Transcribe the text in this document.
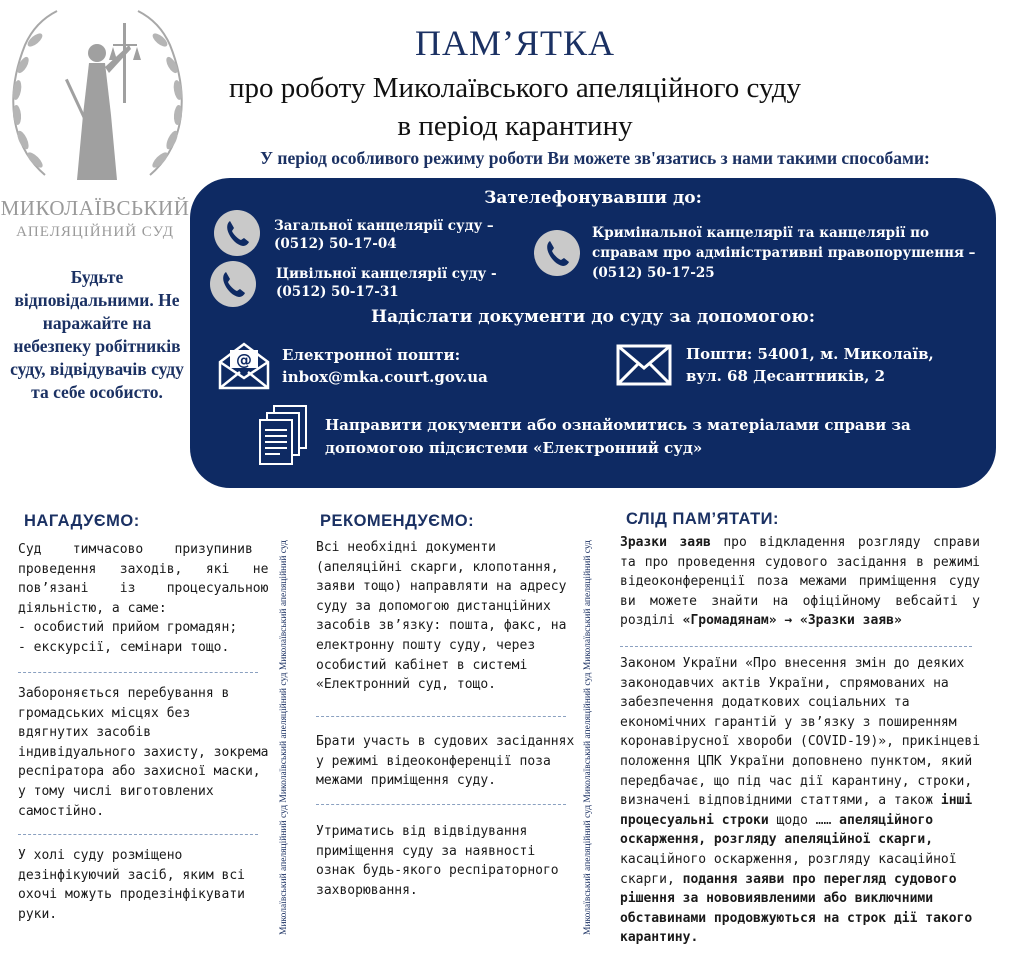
ПАМ’ЯТКА
про роботу Миколаївського апеляційного суду
в період карантину
У період особливого режиму роботи Ви можете зв'язатись з нами такими способами:
МИКОЛАЇВСЬКИЙ
АПЕЛЯЦІЙНИЙ СУД
Будьте відповідальними. Не наражайте на небезпеку робітників суду, відвідувачів суду та себе особисто.
Зателефонувавши до:
Загальної канцелярії суду –
(0512) 50-17-04
Цивільної канцелярії суду -
(0512) 50-17-31
Кримінальної канцелярії та канцелярії по
справам про адміністративні правопорушення –
(0512) 50-17-25
Надіслати документи до суду за допомогою:
@ Електронної пошти:
inbox@mka.court.gov.ua
Пошти: 54001, м. Миколаїв,
вул. 68 Десантників, 2
Направити документи або ознайомитись з матеріалами справи за
допомогою підсистеми «Електронний суд»
НАГАДУЄМО:
Суд    тимчасово    призупинив
проведення   заходів,   які   не
пов’язані    із    процесуальною
діяльністю, а саме:
- особистий прийом громадян;
- екскурсії, семінари тощо.
Забороняється перебування в
громадських місцях без
вдягнутих засобів
індивідуального захисту, зокрема
респіратора або захисної маски,
у тому числі виготовлених
самостійно.
У холі суду розміщено
дезінфікуючий засіб, яким всі
охочі можуть продезінфікувати
руки.	Миколаївський апеляційний суд Миколаївський апеляційний суд Миколаївський апеляційний суд
РЕКОМЕНДУЄМО:
Всі необхідні документи
(апеляційні скарги, клопотання,
заяви тощо) направляти на адресу
суду за допомогою дистанційних
засобів зв’язку: пошта, факс, на
електронну пошту суду, через
особистий кабінет в системі
«Електронний суд, тощо.
Брати участь в судових засіданнях
у режимі відеоконференції поза
межами приміщення суду.
Утриматись від відвідування
приміщення суду за наявності
ознак будь-якого респіраторного
захворювання.	Миколаївський апеляційний суд Миколаївський апеляційний суд Миколаївський апеляційний суд
СЛІД ПАМ’ЯТАТИ:
Зразки заяв про відкладення розгляду справи та про проведення судового засідання в режимі відеоконференції поза межами приміщення суду ви можете знайти на офіційному вебсайті у розділі «Громадянам» → «Зразки заяв»
Законом України «Про внесення змін до деяких законодавчих актів України, спрямованих на забезпечення додаткових соціальних та економічних гарантій у зв’язку з поширенням коронавірусної хвороби (COVID-19)», прикінцеві положення ЦПК України доповнено пунктом, який передбачає, що під час дії карантину, строки, визначені відповідними статтями, а також інші процесуальні строки щодо …… апеляційного оскарження, розгляду апеляційної скарги, касаційного оскарження, розгляду касаційної скарги, подання заяви про перегляд судового рішення за нововиявленими або виключними обставинами продовжуються на строк дії такого карантину.
